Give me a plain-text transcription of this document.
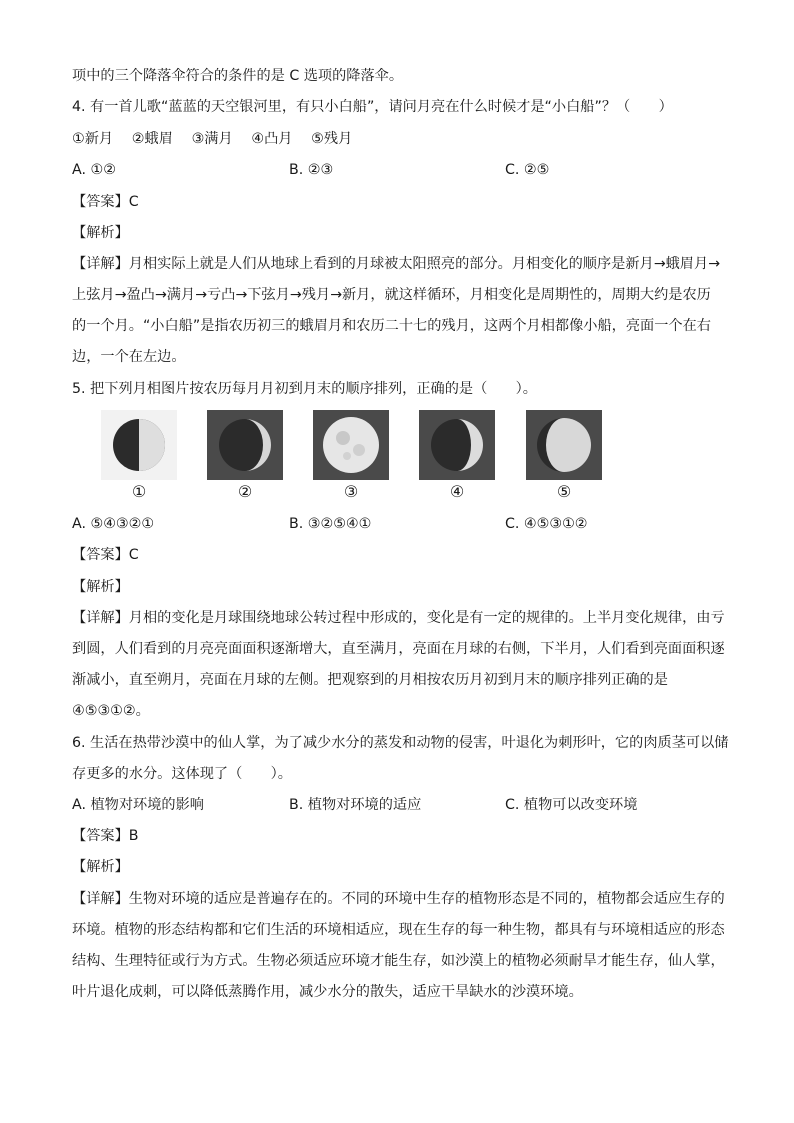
项中的三个降落伞符合的条件的是 C 选项的降落伞。
4. 有一首儿歌“蓝蓝的天空银河里，有只小白船”，请问月亮在什么时候才是“小白船”？（　　）
①新月　 ②蛾眉　 ③满月　 ④凸月　 ⑤残月
A. ①②	B. ②③	C. ②⑤
【答案】C
【解析】
【详解】月相实际上就是人们从地球上看到的月球被太阳照亮的部分。月相变化的顺序是新月→蛾眉月→
上弦月→盈凸→满月→亏凸→下弦月→残月→新月，就这样循环，月相变化是周期性的，周期大约是农历
的一个月。“小白船”是指农历初三的蛾眉月和农历二十七的残月，这两个月相都像小船，亮面一个在右
边，一个在左边。
5. 把下列月相图片按农历每月月初到月末的顺序排列，正确的是（　　）。
①	②	③	④	⑤
A. ⑤④③②①	B. ③②⑤④①	C. ④⑤③①②
【答案】C
【解析】
【详解】月相的变化是月球围绕地球公转过程中形成的，变化是有一定的规律的。上半月变化规律，由亏
到圆，人们看到的月亮亮面面积逐渐增大，直至满月，亮面在月球的右侧，下半月，人们看到亮面面积逐
渐减小，直至朔月，亮面在月球的左侧。把观察到的月相按农历月初到月末的顺序排列正确的是
④⑤③①②。
6. 生活在热带沙漠中的仙人掌，为了减少水分的蒸发和动物的侵害，叶退化为刺形叶，它的肉质茎可以储
存更多的水分。这体现了（　　）。
A. 植物对环境的影响	B. 植物对环境的适应	C. 植物可以改变环境
【答案】B
【解析】
【详解】生物对环境的适应是普遍存在的。不同的环境中生存的植物形态是不同的，植物都会适应生存的
环境。植物的形态结构都和它们生活的环境相适应，现在生存的每一种生物，都具有与环境相适应的形态
结构、生理特征或行为方式。生物必须适应环境才能生存，如沙漠上的植物必须耐旱才能生存，仙人掌，
叶片退化成刺，可以降低蒸腾作用，减少水分的散失，适应干旱缺水的沙漠环境。
